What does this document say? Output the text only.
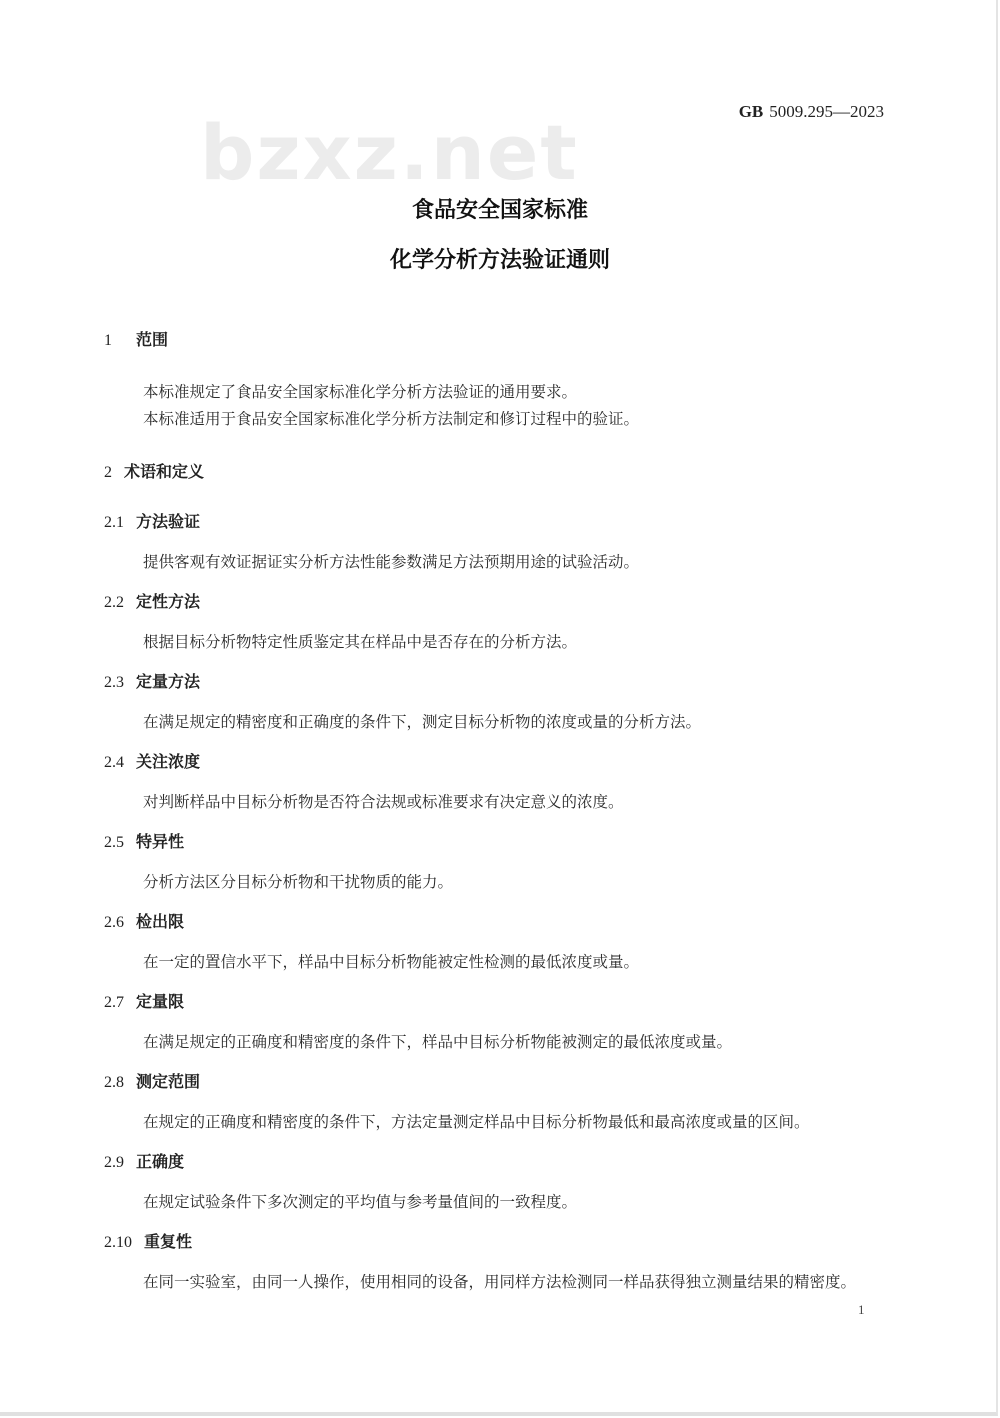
GB 5009.295—2023
bzxz.net
食品安全国家标准
化学分析方法验证通则
1 范围
本标准规定了食品安全国家标准化学分析方法验证的通用要求。
本标准适用于食品安全国家标准化学分析方法制定和修订过程中的验证。
2 术语和定义
2.1 方法验证
提供客观有效证据证实分析方法性能参数满足方法预期用途的试验活动。
2.2 定性方法
根据目标分析物特定性质鉴定其在样品中是否存在的分析方法。
2.3 定量方法
在满足规定的精密度和正确度的条件下，测定目标分析物的浓度或量的分析方法。
2.4 关注浓度
对判断样品中目标分析物是否符合法规或标准要求有决定意义的浓度。
2.5 特异性
分析方法区分目标分析物和干扰物质的能力。
2.6 检出限
在一定的置信水平下，样品中目标分析物能被定性检测的最低浓度或量。
2.7 定量限
在满足规定的正确度和精密度的条件下，样品中目标分析物能被测定的最低浓度或量。
2.8 测定范围
在规定的正确度和精密度的条件下，方法定量测定样品中目标分析物最低和最高浓度或量的区间。
2.9 正确度
在规定试验条件下多次测定的平均值与参考量值间的一致程度。
2.10 重复性
在同一实验室，由同一人操作，使用相同的设备，用同样方法检测同一样品获得独立测量结果的精密度。
1
